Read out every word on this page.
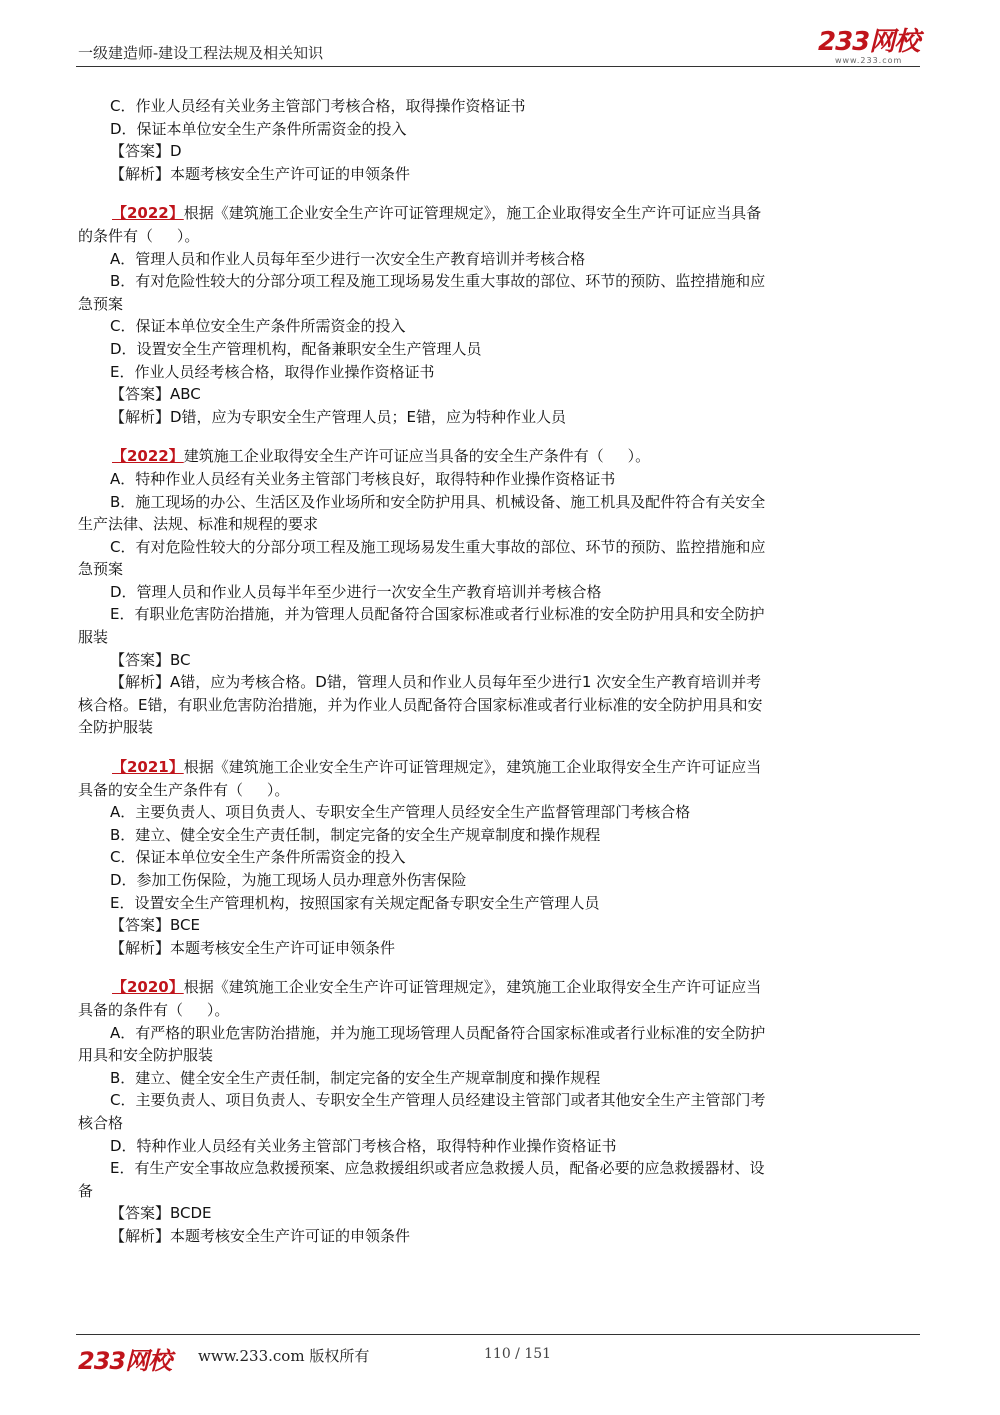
一级建造师-建设工程法规及相关知识	233网校
www.233.com
C．作业人员经有关业务主管部门考核合格，取得操作资格证书
D．保证本单位安全生产条件所需资金的投入
【答案】D
【解析】本题考核安全生产许可证的申领条件
【2022】根据《建筑施工企业安全生产许可证管理规定》，施工企业取得安全生产许可证应当具备
的条件有（     ）。
A．管理人员和作业人员每年至少进行一次安全生产教育培训并考核合格
B．有对危险性较大的分部分项工程及施工现场易发生重大事故的部位、环节的预防、监控措施和应
急预案
C．保证本单位安全生产条件所需资金的投入
D．设置安全生产管理机构，配备兼职安全生产管理人员
E．作业人员经考核合格，取得作业操作资格证书
【答案】ABC
【解析】D错，应为专职安全生产管理人员；E错，应为特种作业人员
【2022】建筑施工企业取得安全生产许可证应当具备的安全生产条件有（     ）。
A．特种作业人员经有关业务主管部门考核良好，取得特种作业操作资格证书
B．施工现场的办公、生活区及作业场所和安全防护用具、机械设备、施工机具及配件符合有关安全
生产法律、法规、标准和规程的要求
C．有对危险性较大的分部分项工程及施工现场易发生重大事故的部位、环节的预防、监控措施和应
急预案
D．管理人员和作业人员每半年至少进行一次安全生产教育培训并考核合格
E．有职业危害防治措施，并为管理人员配备符合国家标准或者行业标准的安全防护用具和安全防护
服装
【答案】BC
【解析】A错，应为考核合格。D错，管理人员和作业人员每年至少进行1 次安全生产教育培训并考
核合格。E错，有职业危害防治措施，并为作业人员配备符合国家标准或者行业标准的安全防护用具和安
全防护服装
【2021】根据《建筑施工企业安全生产许可证管理规定》，建筑施工企业取得安全生产许可证应当
具备的安全生产条件有（     ）。
A．主要负责人、项目负责人、专职安全生产管理人员经安全生产监督管理部门考核合格
B．建立、健全安全生产责任制，制定完备的安全生产规章制度和操作规程
C．保证本单位安全生产条件所需资金的投入
D．参加工伤保险，为施工现场人员办理意外伤害保险
E．设置安全生产管理机构，按照国家有关规定配备专职安全生产管理人员
【答案】BCE
【解析】本题考核安全生产许可证申领条件
【2020】根据《建筑施工企业安全生产许可证管理规定》，建筑施工企业取得安全生产许可证应当
具备的条件有（     ）。
A．有严格的职业危害防治措施，并为施工现场管理人员配备符合国家标准或者行业标准的安全防护
用具和安全防护服装
B．建立、健全安全生产责任制，制定完备的安全生产规章制度和操作规程
C．主要负责人、项目负责人、专职安全生产管理人员经建设主管部门或者其他安全生产主管部门考
核合格
D．特种作业人员经有关业务主管部门考核合格，取得特种作业操作资格证书
E．有生产安全事故应急救援预案、应急救援组织或者应急救援人员，配备必要的应急救援器材、设
备
【答案】BCDE
【解析】本题考核安全生产许可证的申领条件
233网校 www.233.com 版权所有	110 / 151
